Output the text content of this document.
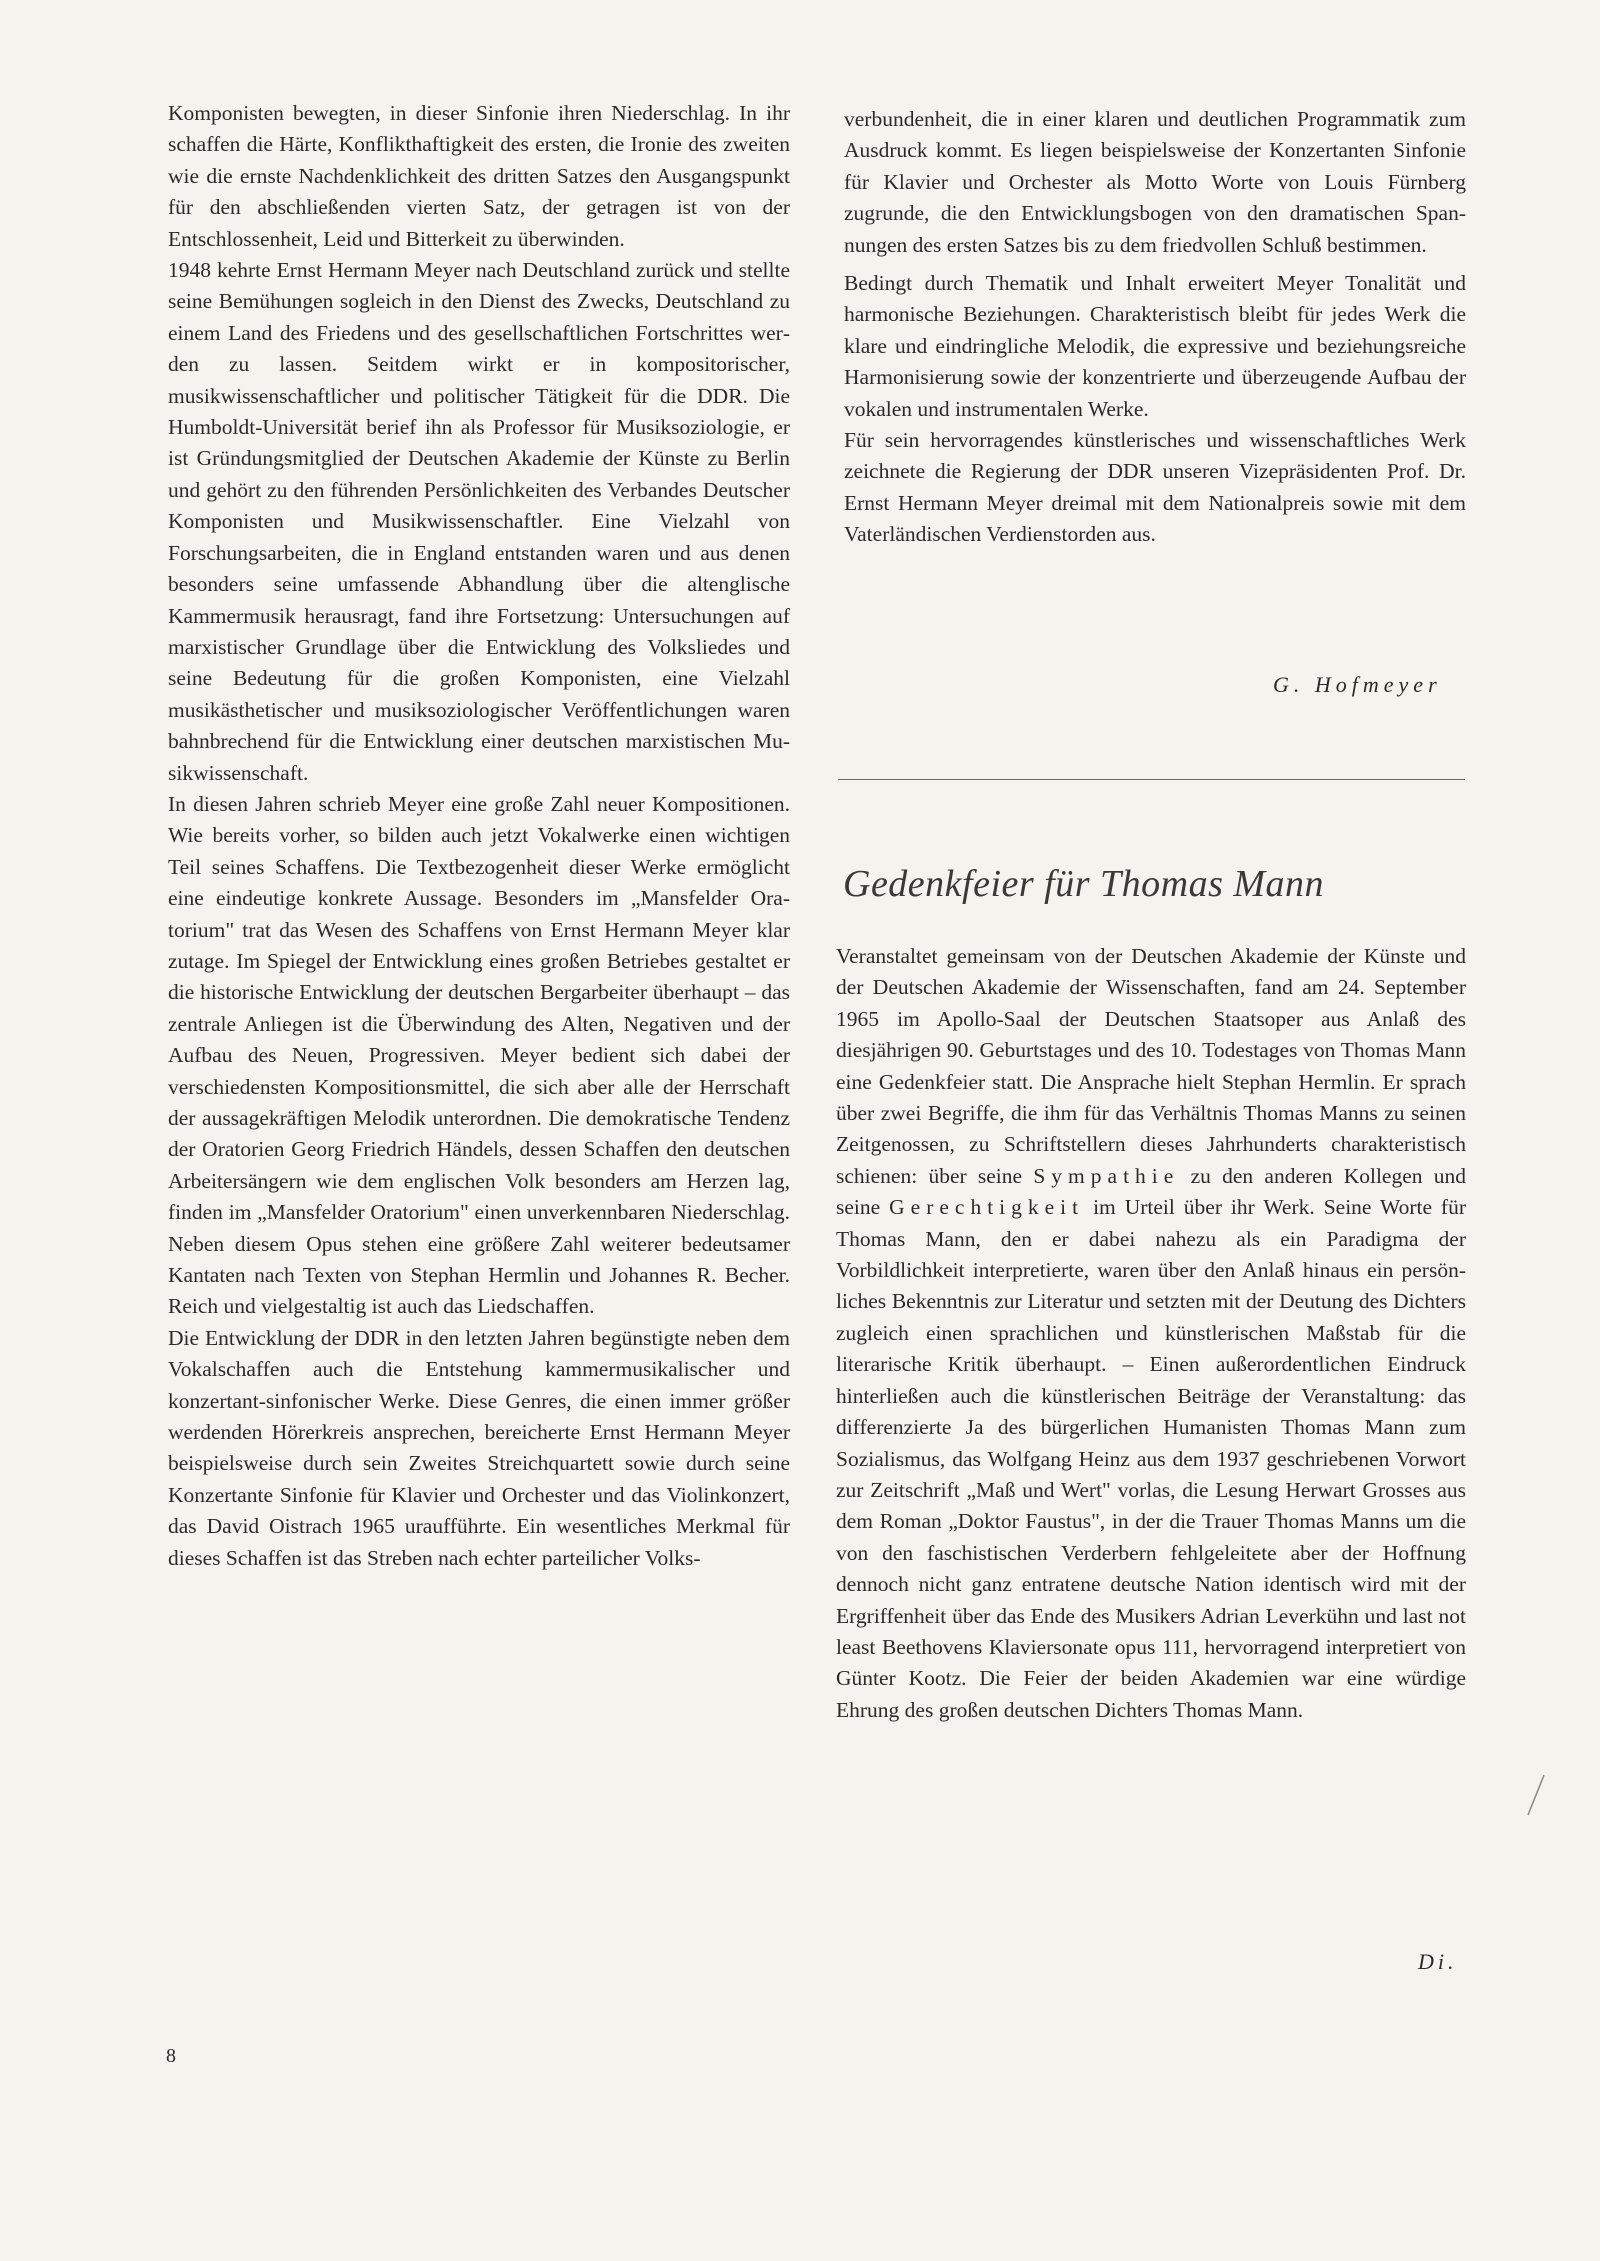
Komponisten bewegten, in dieser Sinfonie ihren Niederschlag. In ihr schaffen die Härte, Konflikthaftigkeit des ersten, die Ironie des zweiten wie die ernste Nachdenklichkeit des dritten Satzes den Ausgangspunkt für den abschließenden vierten Satz, der getragen ist von der Entschlossenheit, Leid und Bitterkeit zu überwinden.

1948 kehrte Ernst Hermann Meyer nach Deutschland zurück und stellte seine Bemühungen sogleich in den Dienst des Zwecks, Deutschland zu einem Land des Friedens und des gesellschaftlichen Fortschrittes werden zu lassen. Seitdem wirkt er in kompositorischer, musikwissenschaftlicher und politischer Tätigkeit für die DDR. Die Humboldt-Universität berief ihn als Professor für Musiksoziologie, er ist Gründungsmitglied der Deutschen Akademie der Künste zu Berlin und gehört zu den führenden Persönlichkeiten des Verbandes Deutscher Komponisten und Musikwissenschaftler. Eine Vielzahl von Forschungsarbeiten, die in England entstanden waren und aus denen besonders seine umfassende Abhandlung über die altenglische Kammermusik herausragt, fand ihre Fortsetzung: Untersuchungen auf marxistischer Grundlage über die Entwicklung des Volksliedes und seine Bedeutung für die großen Komponisten, eine Vielzahl musikästhetischer und musiksoziologischer Veröffentlichungen waren bahnbrechend für die Entwicklung einer deutschen marxistischen Musikwissenschaft.

In diesen Jahren schrieb Meyer eine große Zahl neuer Kompositionen. Wie bereits vorher, so bilden auch jetzt Vokalwerke einen wichtigen Teil seines Schaffens. Die Textbezogenheit dieser Werke ermöglicht eine eindeutige konkrete Aussage. Besonders im „Mansfelder Oratorium" trat das Wesen des Schaffens von Ernst Hermann Meyer klar zutage. Im Spiegel der Entwicklung eines großen Betriebes gestaltet er die historische Entwicklung der deutschen Bergarbeiter überhaupt – das zentrale Anliegen ist die Überwindung des Alten, Negativen und der Aufbau des Neuen, Progressiven. Meyer bedient sich dabei der verschiedensten Kompositionsmittel, die sich aber alle der Herrschaft der aussagekräftigen Melodik unterordnen. Die demokratische Tendenz der Oratorien Georg Friedrich Händels, dessen Schaffen den deutschen Arbeitersängern wie dem englischen Volk besonders am Herzen lag, finden im „Mansfelder Oratorium" einen unverkennbaren Niederschlag. Neben diesem Opus stehen eine größere Zahl weiterer bedeutsamer Kantaten nach Texten von Stephan Hermlin und Johannes R. Becher. Reich und vielgestaltig ist auch das Liedschaffen.

Die Entwicklung der DDR in den letzten Jahren begünstigte neben dem Vokalschaffen auch die Entstehung kammermusikalischer und konzertant-sinfonischer Werke. Diese Genres, die einen immer größer werdenden Hörerkreis ansprechen, bereicherte Ernst Hermann Meyer beispielsweise durch sein Zweites Streichquartett sowie durch seine Konzertante Sinfonie für Klavier und Orchester und das Violinkonzert, das David Oistrach 1965 uraufführte. Ein wesentliches Merkmal für dieses Schaffen ist das Streben nach echter parteilicher Volks-

verbundenheit, die in einer klaren und deutlichen Programmatik zum Ausdruck kommt. Es liegen beispielsweise der Konzertanten Sinfonie für Klavier und Orchester als Motto Worte von Louis Fürnberg zugrunde, die den Entwicklungsbogen von den dramatischen Spannungen des ersten Satzes bis zu dem friedvollen Schluß bestimmen.

Bedingt durch Thematik und Inhalt erweitert Meyer Tonalität und harmonische Beziehungen. Charakteristisch bleibt für jedes Werk die klare und eindringliche Melodik, die expressive und beziehungsreiche Harmonisierung sowie der konzentrierte und überzeugende Aufbau der vokalen und instrumentalen Werke.

Für sein hervorragendes künstlerisches und wissenschaftliches Werk zeichnete die Regierung der DDR unseren Vizepräsidenten Prof. Dr. Ernst Hermann Meyer dreimal mit dem Nationalpreis sowie mit dem Vaterländischen Verdienstorden aus.

G. Hofmeyer
Gedenkfeier für Thomas Mann

Veranstaltet gemeinsam von der Deutschen Akademie der Künste und der Deutschen Akademie der Wissenschaften, fand am 24. September 1965 im Apollo-Saal der Deutschen Staatsoper aus Anlaß des diesjährigen 90. Geburtstages und des 10. Todestages von Thomas Mann eine Gedenkfeier statt. Die Ansprache hielt Stephan Hermlin. Er sprach über zwei Begriffe, die ihm für das Verhältnis Thomas Manns zu seinen Zeitgenossen, zu Schriftstellern dieses Jahrhunderts charakteristisch schienen: über seine Sympathie zu den anderen Kollegen und seine Gerechtigkeit im Urteil über ihr Werk. Seine Worte für Thomas Mann, den er dabei nahezu als ein Paradigma der Vorbildlichkeit interpretierte, waren über den Anlaß hinaus ein persönliches Bekenntnis zur Literatur und setzten mit der Deutung des Dichters zugleich einen sprachlichen und künstlerischen Maßstab für die literarische Kritik überhaupt. – Einen außerordentlichen Eindruck hinterließen auch die künstlerischen Beiträge der Veranstaltung: das differenzierte Ja des bürgerlichen Humanisten Thomas Mann zum Sozialismus, das Wolfgang Heinz aus dem 1937 geschriebenen Vorwort zur Zeitschrift „Maß und Wert" vorlas, die Lesung Herwart Grosses aus dem Roman „Doktor Faustus", in der die Trauer Thomas Manns um die von den faschistischen Verderbern fehlgeleitete aber der Hoffnung dennoch nicht ganz entratene deutsche Nation identisch wird mit der Ergriffenheit über das Ende des Musikers Adrian Leverkühn und last not least Beethovens Klaviersonate opus 111, hervorragend interpretiert von Günter Kootz. Die Feier der beiden Akademien war eine würdige Ehrung des großen deutschen Dichters Thomas Mann.

Di.
8
